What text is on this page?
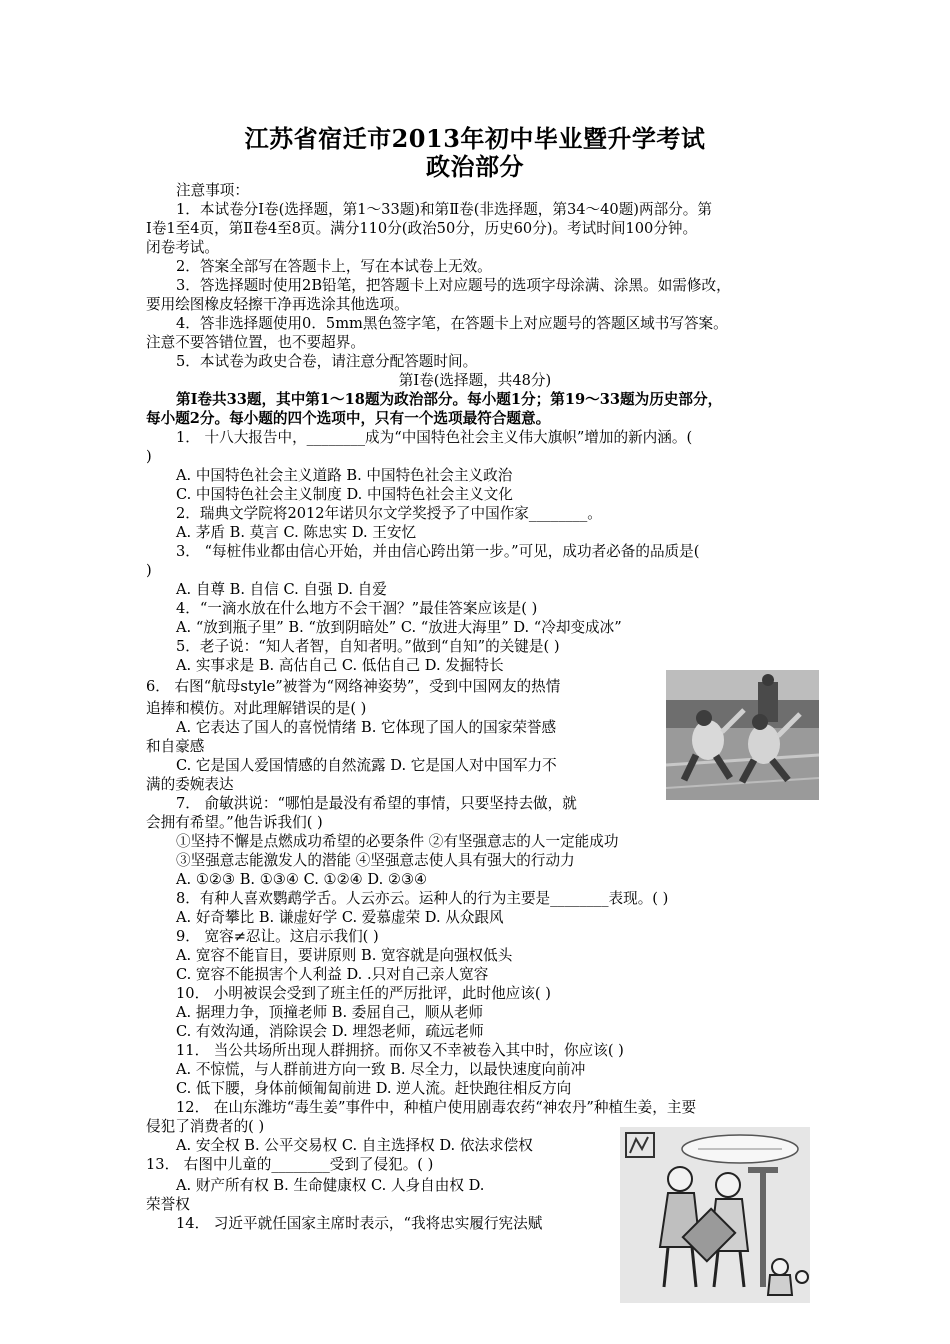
江苏省宿迁市2013年初中毕业暨升学考试
政治部分
注意事项：
1．本试卷分Ⅰ卷(选择题，第1～33题)和第Ⅱ卷(非选择题，第34～40题)两部分。第
Ⅰ卷1至4页，第Ⅱ卷4至8页。满分110分(政治50分，历史60分)。考试时间100分钟。
闭卷考试。
2．答案全部写在答题卡上，写在本试卷上无效。
3．答选择题时使用2B铅笔，把答题卡上对应题号的选项字母涂满、涂黑。如需修改，
要用绘图橡皮轻擦干净再选涂其他选项。
4．答非选择题使用0．5mm黑色签字笔，在答题卡上对应题号的答题区域书写答案。
注意不要答错位置，也不要超界。
5．本试卷为政史合卷，请注意分配答题时间。
第Ⅰ卷(选择题，共48分)
第Ⅰ卷共33题，其中第1～18题为政治部分。每小题1分；第19～33题为历史部分，
每小题2分。每小题的四个选项中，只有一个选项最符合题意。
1． 十八大报告中，________成为“中国特色社会主义伟大旗帜”增加的新内涵。(
)
A. 中国特色社会主义道路 B. 中国特色社会主义政治
C. 中国特色社会主义制度 D. 中国特色社会主义文化
2．瑞典文学院将2012年诺贝尔文学奖授予了中国作家________。
A. 茅盾 B. 莫言 C. 陈忠实 D. 王安忆
3． “每桩伟业都由信心开始，并由信心跨出第一步。”可见，成功者必备的品质是(
)
A. 自尊 B. 自信 C. 自强 D. 自爱
4．“一滴水放在什么地方不会干涸？”最佳答案应该是( )
A. “放到瓶子里” B. “放到阴暗处” C. “放进大海里” D. “冷却变成冰”
5．老子说：“知人者智，自知者明。”做到“自知”的关键是( )
A. 实事求是 B. 高估自己 C. 低估自己 D. 发掘特长
6． 右图“航母style”被誉为“网络神姿势”，受到中国网友的热情
追捧和模仿。对此理解错误的是( )
A. 它表达了国人的喜悦情绪 B. 它体现了国人的国家荣誉感
和自豪感
C. 它是国人爱国情感的自然流露 D. 它是国人对中国军力不
满的委婉表达
7． 俞敏洪说：“哪怕是最没有希望的事情，只要坚持去做，就
会拥有希望。”他告诉我们( )
①坚持不懈是点燃成功希望的必要条件 ②有坚强意志的人一定能成功
③坚强意志能激发人的潜能 ④坚强意志使人具有强大的行动力
A. ①②③ B. ①③④ C. ①②④ D. ②③④
8．有种人喜欢鹦鹉学舌。人云亦云。运种人的行为主要是________表现。( )
A. 好奇攀比 B. 谦虚好学 C. 爱慕虚荣 D. 从众跟风
9． 宽容≠忍让。这启示我们( )
A. 宽容不能盲目，要讲原则 B. 宽容就是向强权低头
C. 宽容不能损害个人利益 D. .只对自己亲人宽容
10． 小明被误会受到了班主任的严厉批评，此时他应该( )
A. 据理力争，顶撞老师 B. 委屈自己，顺从老师
C. 有效沟通，消除误会 D. 埋怨老师，疏远老师
11． 当公共场所出现人群拥挤。而你又不幸被卷入其中时，你应该( )
A. 不惊慌，与人群前进方向一致 B. 尽全力，以最快速度向前冲
C. 低下腰，身体前倾匍匐前进 D. 逆人流。赶快跑往相反方向
12． 在山东潍坊“毒生姜”事件中，种植户使用剧毒农药“神农丹”种植生姜，主要
侵犯了消费者的( )
A. 安全权 B. 公平交易权 C. 自主选择权 D. 依法求偿权
13． 右图中儿童的________受到了侵犯。( )
A. 财产所有权 B. 生命健康权 C. 人身自由权 D.
荣誉权
14． 习近平就任国家主席时表示，“我将忠实履行宪法赋
